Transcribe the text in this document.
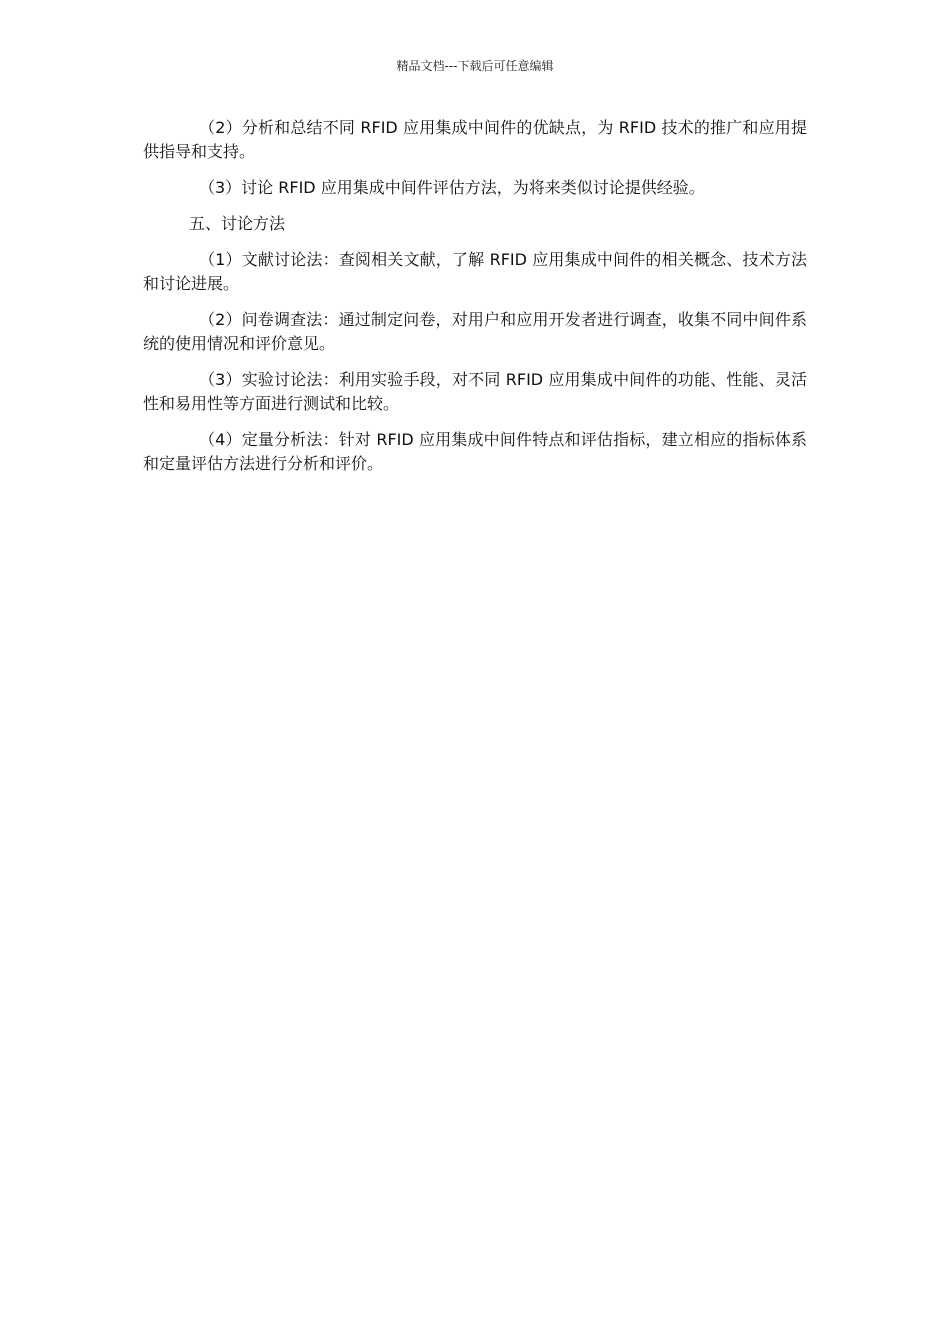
精品文档---下载后可任意编辑

（2）分析和总结不同 RFID 应用集成中间件的优缺点，为 RFID 技术的推广和应用提供指导和支持。

（3）讨论 RFID 应用集成中间件评估方法，为将来类似讨论提供经验。

五、讨论方法

（1）文献讨论法：查阅相关文献，了解 RFID 应用集成中间件的相关概念、技术方法和讨论进展。

（2）问卷调查法：通过制定问卷，对用户和应用开发者进行调查，收集不同中间件系统的使用情况和评价意见。

（3）实验讨论法：利用实验手段，对不同 RFID 应用集成中间件的功能、性能、灵活性和易用性等方面进行测试和比较。

（4）定量分析法：针对 RFID 应用集成中间件特点和评估指标，建立相应的指标体系和定量评估方法进行分析和评价。
